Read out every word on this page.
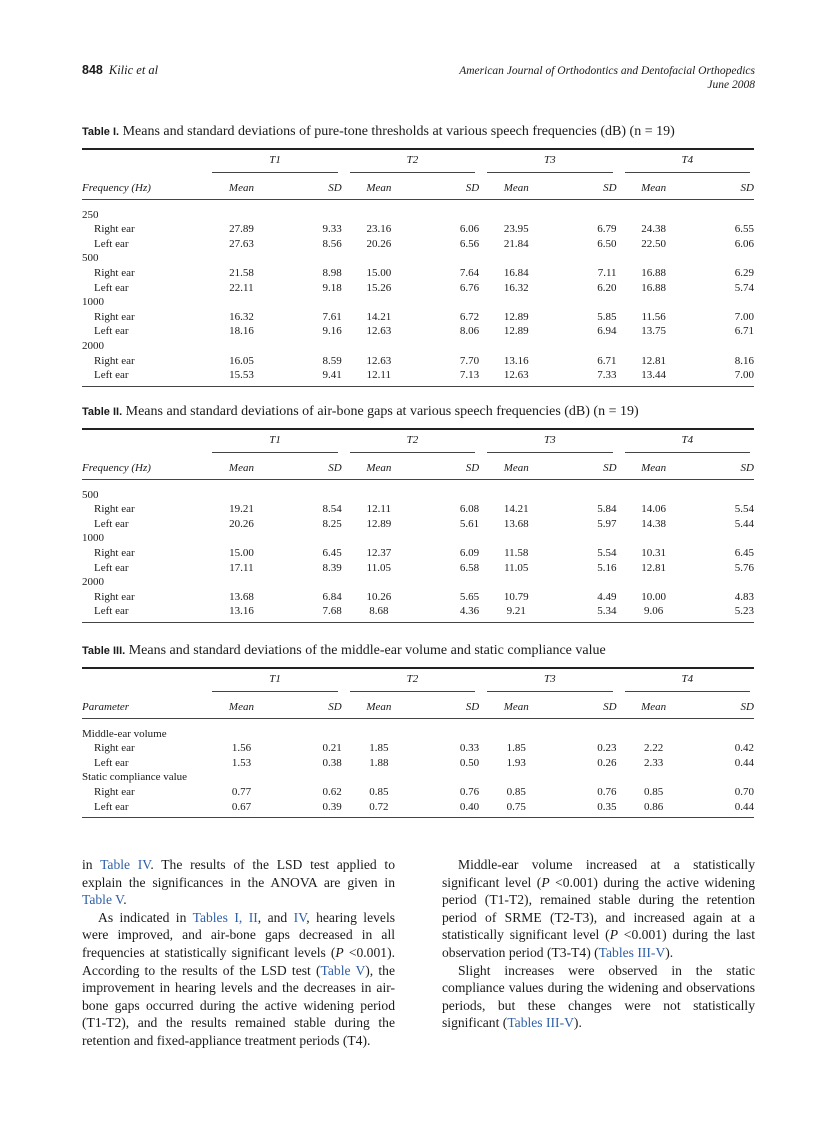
848 Kilic et al	American Journal of Orthodontics and Dentofacial Orthopedics
June 2008
Table I. Means and standard deviations of pure-tone thresholds at various speech frequencies (dB) (n = 19)

	T1		T2		T3		T4	

Frequency (Hz)	Mean	SD	Mean	SD	Mean	SD	Mean	SD

250								
Right ear	27.89	9.33	23.16	6.06	23.95	6.79	24.38	6.55
Left ear	27.63	8.56	20.26	6.56	21.84	6.50	22.50	6.06
500								
Right ear	21.58	8.98	15.00	7.64	16.84	7.11	16.88	6.29
Left ear	22.11	9.18	15.26	6.76	16.32	6.20	16.88	5.74
1000								
Right ear	16.32	7.61	14.21	6.72	12.89	5.85	11.56	7.00
Left ear	18.16	9.16	12.63	8.06	12.89	6.94	13.75	6.71
2000								
Right ear	16.05	8.59	12.63	7.70	13.16	6.71	12.81	8.16
Left ear	15.53	9.41	12.11	7.13	12.63	7.33	13.44	7.00
Table II. Means and standard deviations of air-bone gaps at various speech frequencies (dB) (n = 19)

	T1		T2		T3		T4	

Frequency (Hz)	Mean	SD	Mean	SD	Mean	SD	Mean	SD

500								
Right ear	19.21	8.54	12.11	6.08	14.21	5.84	14.06	5.54
Left ear	20.26	8.25	12.89	5.61	13.68	5.97	14.38	5.44
1000								
Right ear	15.00	6.45	12.37	6.09	11.58	5.54	10.31	6.45
Left ear	17.11	8.39	11.05	6.58	11.05	5.16	12.81	5.76
2000								
Right ear	13.68	6.84	10.26	5.65	10.79	4.49	10.00	4.83
Left ear	13.16	7.68	8.68	4.36	9.21	5.34	9.06	5.23
Table III. Means and standard deviations of the middle-ear volume and static compliance value

	T1		T2		T3		T4	

Parameter	Mean	SD	Mean	SD	Mean	SD	Mean	SD

Middle-ear volume								
Right ear	1.56	0.21	1.85	0.33	1.85	0.23	2.22	0.42
Left ear	1.53	0.38	1.88	0.50	1.93	0.26	2.33	0.44
Static compliance value								
Right ear	0.77	0.62	0.85	0.76	0.85	0.76	0.85	0.70
Left ear	0.67	0.39	0.72	0.40	0.75	0.35	0.86	0.44

in Table IV. The results of the LSD test applied to explain the significances in the ANOVA are given in Table V.

As indicated in Tables I, II, and IV, hearing levels were improved, and air-bone gaps decreased in all frequencies at statistically significant levels (P <0.001). According to the results of the LSD test (Table V), the improvement in hearing levels and the decreases in air-bone gaps occurred during the active widening period (T1-T2), and the results remained stable during the retention and fixed-appliance treatment periods (T4).

Middle-ear volume increased at a statistically significant level (P <0.001) during the active widening period (T1-T2), remained stable during the retention period of SRME (T2-T3), and increased again at a statistically significant level (P <0.001) during the last observation period (T3-T4) (Tables III-V).

Slight increases were observed in the static compliance values during the widening and observations periods, but these changes were not statistically significant (Tables III-V).
